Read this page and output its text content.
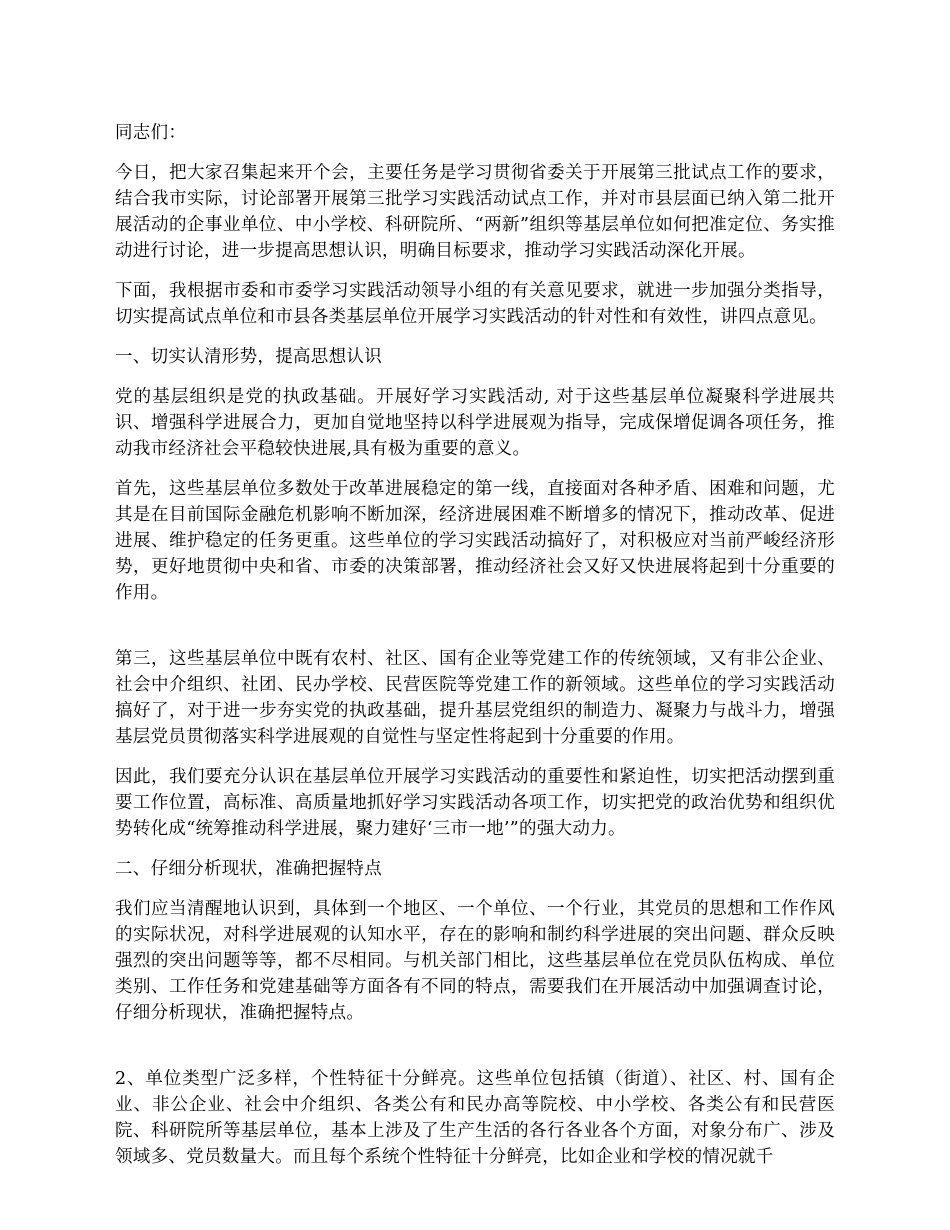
同志们：

今日，把大家召集起来开个会，主要任务是学习贯彻省委关于开展第三批试点工作的要求，结合我市实际，讨论部署开展第三批学习实践活动试点工作，并对市县层面已纳入第二批开展活动的企事业单位、中小学校、科研院所、“两新”组织等基层单位如何把准定位、务实推动进行讨论，进一步提高思想认识，明确目标要求，推动学习实践活动深化开展。

下面，我根据市委和市委学习实践活动领导小组的有关意见要求，就进一步加强分类指导，切实提高试点单位和市县各类基层单位开展学习实践活动的针对性和有效性，讲四点意见。

一、切实认清形势，提高思想认识

党的基层组织是党的执政基础。开展好学习实践活动, 对于这些基层单位凝聚科学进展共识、增强科学进展合力，更加自觉地坚持以科学进展观为指导，完成保增促调各项任务，推动我市经济社会平稳较快进展,具有极为重要的意义。

首先，这些基层单位多数处于改革进展稳定的第一线，直接面对各种矛盾、困难和问题，尤其是在目前国际金融危机影响不断加深，经济进展困难不断增多的情况下，推动改革、促进进展、维护稳定的任务更重。这些单位的学习实践活动搞好了，对积极应对当前严峻经济形势，更好地贯彻中央和省、市委的决策部署，推动经济社会又好又快进展将起到十分重要的作用。

第三，这些基层单位中既有农村、社区、国有企业等党建工作的传统领域，又有非公企业、社会中介组织、社团、民办学校、民营医院等党建工作的新领域。这些单位的学习实践活动搞好了，对于进一步夯实党的执政基础，提升基层党组织的制造力、凝聚力与战斗力，增强基层党员贯彻落实科学进展观的自觉性与坚定性将起到十分重要的作用。

因此，我们要充分认识在基层单位开展学习实践活动的重要性和紧迫性，切实把活动摆到重要工作位置，高标准、高质量地抓好学习实践活动各项工作，切实把党的政治优势和组织优势转化成“统筹推动科学进展，聚力建好‘三市一地’”的强大动力。

二、仔细分析现状，准确把握特点

我们应当清醒地认识到，具体到一个地区、一个单位、一个行业，其党员的思想和工作作风的实际状况，对科学进展观的认知水平，存在的影响和制约科学进展的突出问题、群众反映强烈的突出问题等等，都不尽相同。与机关部门相比，这些基层单位在党员队伍构成、单位类别、工作任务和党建基础等方面各有不同的特点，需要我们在开展活动中加强调查讨论，仔细分析现状，准确把握特点。

2、单位类型广泛多样，个性特征十分鲜亮。这些单位包括镇（街道）、社区、村、国有企业、非公企业、社会中介组织、各类公有和民办高等院校、中小学校、各类公有和民营医院、科研院所等基层单位，基本上涉及了生产生活的各行各业各个方面，对象分布广、涉及领域多、党员数量大。而且每个系统个性特征十分鲜亮，比如企业和学校的情况就千
